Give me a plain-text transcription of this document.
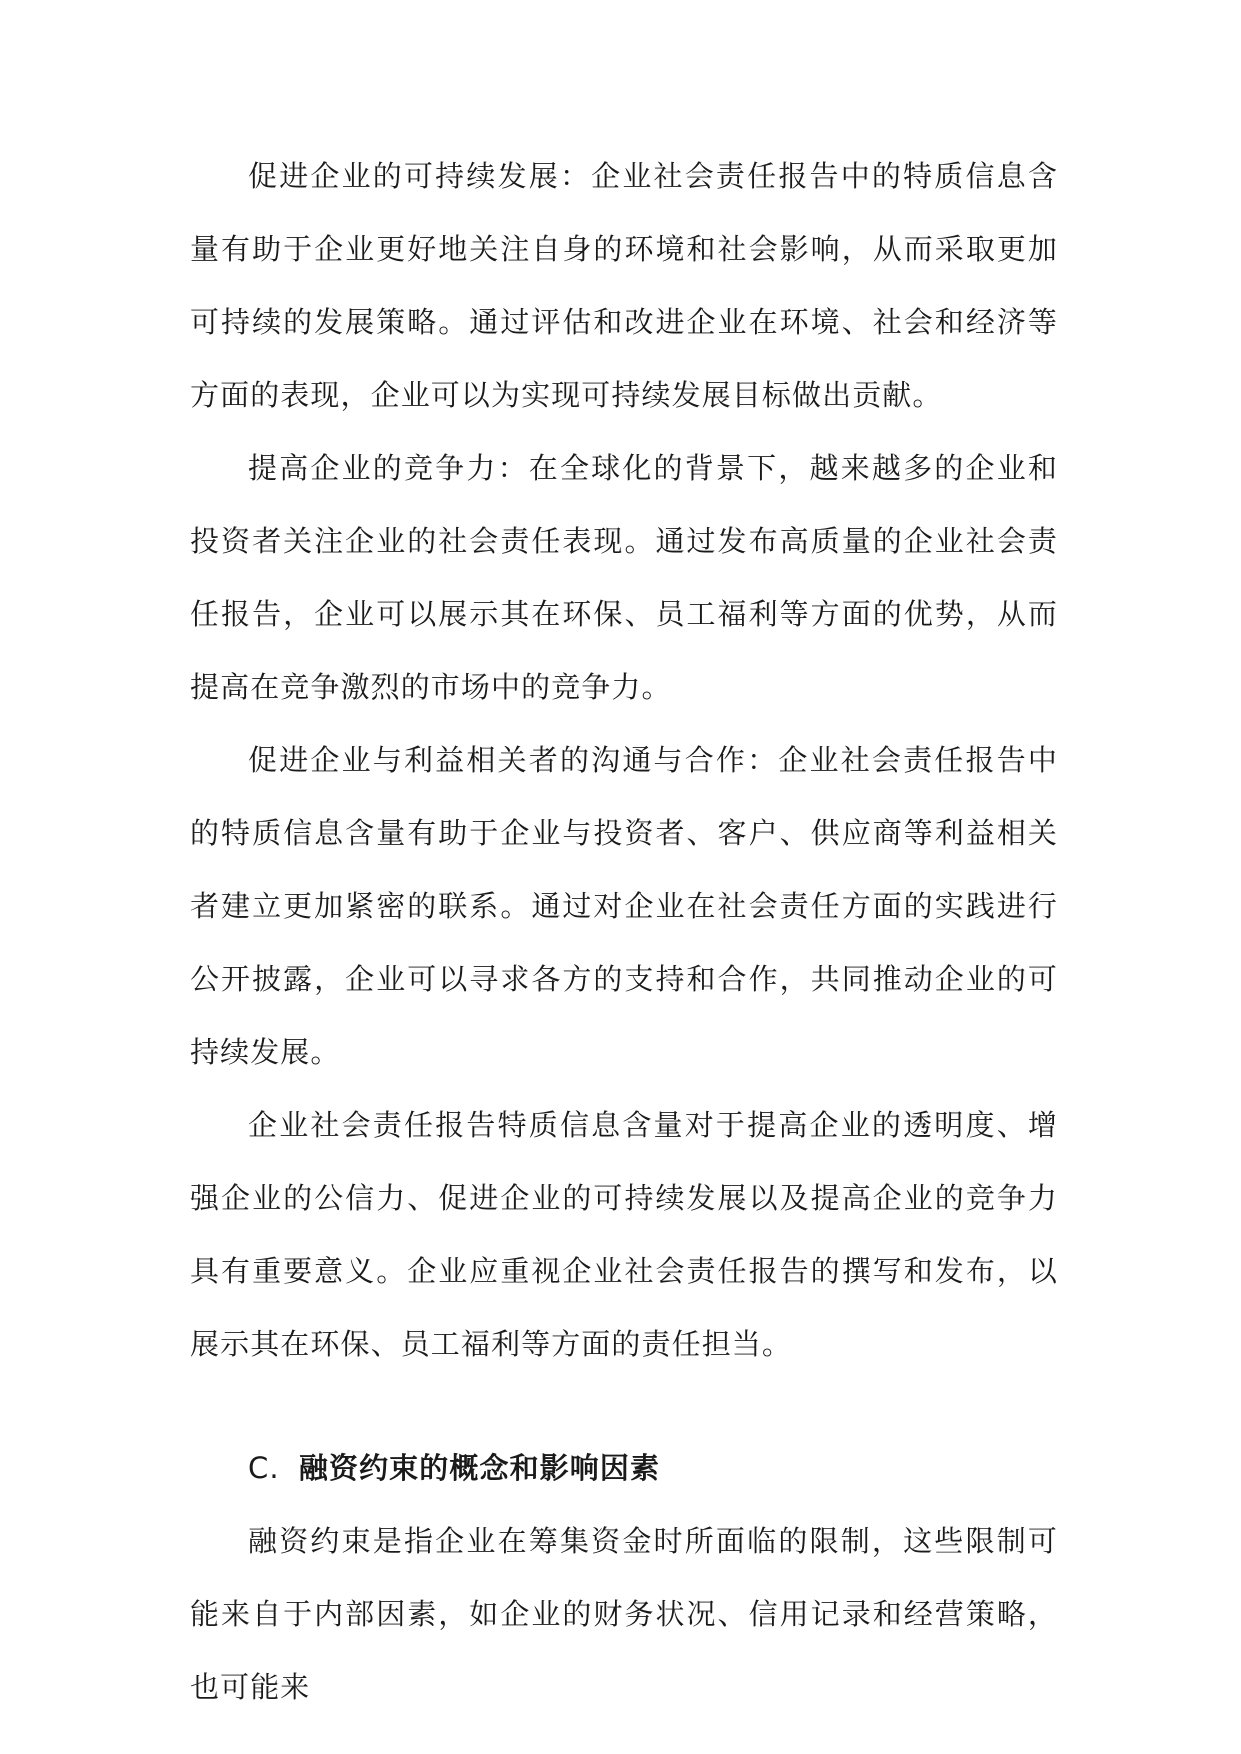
促进企业的可持续发展：企业社会责任报告中的特质信息含量有助于企业更好地关注自身的环境和社会影响，从而采取更加可持续的发展策略。通过评估和改进企业在环境、社会和经济等方面的表现，企业可以为实现可持续发展目标做出贡献。

提高企业的竞争力：在全球化的背景下，越来越多的企业和投资者关注企业的社会责任表现。通过发布高质量的企业社会责任报告，企业可以展示其在环保、员工福利等方面的优势，从而提高在竞争激烈的市场中的竞争力。

促进企业与利益相关者的沟通与合作：企业社会责任报告中的特质信息含量有助于企业与投资者、客户、供应商等利益相关者建立更加紧密的联系。通过对企业在社会责任方面的实践进行公开披露，企业可以寻求各方的支持和合作，共同推动企业的可持续发展。

企业社会责任报告特质信息含量对于提高企业的透明度、增强企业的公信力、促进企业的可持续发展以及提高企业的竞争力具有重要意义。企业应重视企业社会责任报告的撰写和发布，以展示其在环保、员工福利等方面的责任担当。

C. 融资约束的概念和影响因素

融资约束是指企业在筹集资金时所面临的限制，这些限制可能来自于内部因素，如企业的财务状况、信用记录和经营策略，也可能来
